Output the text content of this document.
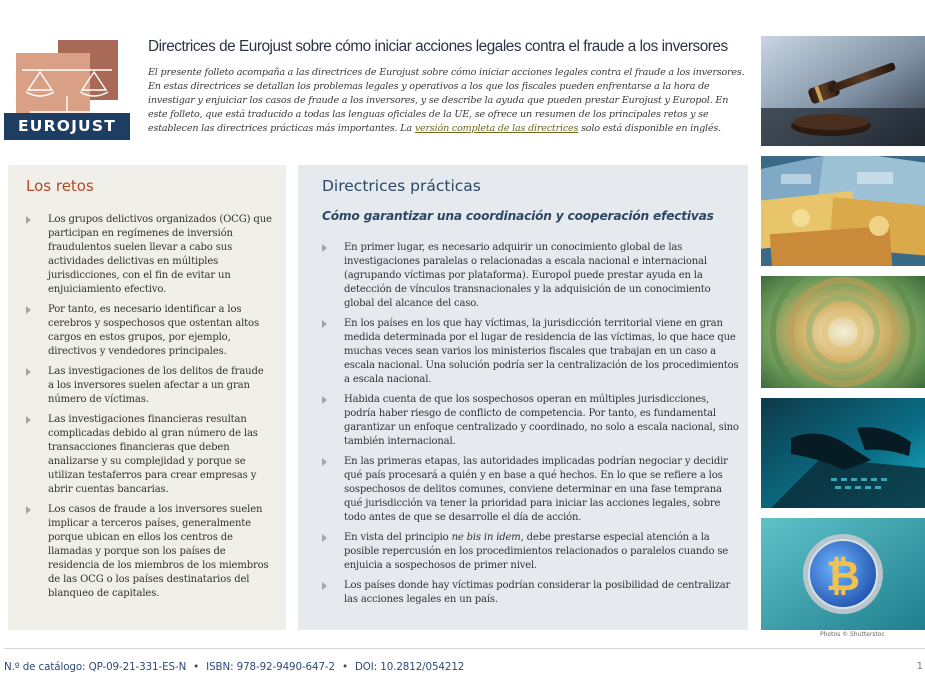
EUROJUST
Directrices de Eurojust sobre cómo iniciar acciones legales contra el fraude a los inversores
El presente folleto acompaña a las directrices de Eurojust sobre cómo iniciar acciones legales contra el fraude a los inversores. En estas directrices se detallan los problemas legales y operativos a los que los fiscales pueden enfrentarse a la hora de investigar y enjuiciar los casos de fraude a los inversores, y se describe la ayuda que pueden prestar Eurojust y Europol. En este folleto, que está traducido a todas las lenguas oficiales de la UE, se ofrece un resumen de los principales retos y se establecen las directrices prácticas más importantes. La versión completa de las directrices solo está disponible en inglés.
Los retos
Los grupos delictivos organizados (OCG) que participan en regímenes de inversión fraudulentos suelen llevar a cabo sus actividades delictivas en múltiples jurisdicciones, con el fin de evitar un enjuiciamiento efectivo.
Por tanto, es necesario identificar a los cerebros y sospechosos que ostentan altos cargos en estos grupos, por ejemplo, directivos y vendedores principales.
Las investigaciones de los delitos de fraude a los inversores suelen afectar a un gran número de víctimas.
Las investigaciones financieras resultan complicadas debido al gran número de las transacciones financieras que deben analizarse y su complejidad y porque se utilizan testaferros para crear empresas y abrir cuentas bancarias.
Los casos de fraude a los inversores suelen implicar a terceros países, generalmente porque ubican en ellos los centros de llamadas y porque son los países de residencia de los miembros de los miembros de las OCG o los países destinatarios del blanqueo de capitales.
Directrices prácticas
Cómo garantizar una coordinación y cooperación efectivas
En primer lugar, es necesario adquirir un conocimiento global de las investigaciones paralelas o relacionadas a escala nacional e internacional (agrupando víctimas por plataforma). Europol puede prestar ayuda en la detección de vínculos transnacionales y la adquisición de un conocimiento global del alcance del caso.
En los países en los que hay víctimas, la jurisdicción territorial viene en gran medida determinada por el lugar de residencia de las víctimas, lo que hace que muchas veces sean varios los ministerios fiscales que trabajan en un caso a escala nacional. Una solución podría ser la centralización de los procedimientos a escala nacional.
Habida cuenta de que los sospechosos operan en múltiples jurisdicciones, podría haber riesgo de conflicto de competencia. Por tanto, es fundamental garantizar un enfoque centralizado y coordinado, no solo a escala nacional, sino también internacional.
En las primeras etapas, las autoridades implicadas podrían negociar y decidir qué país procesará a quién y en base a qué hechos. En lo que se refiere a los sospechosos de delitos comunes, conviene determinar en una fase temprana qué jurisdicción va tener la prioridad para iniciar las acciones legales, sobre todo antes de que se desarrolle el día de acción.
En vista del principio ne bis in idem, debe prestarse especial atención a la posible repercusión en los procedimientos relacionados o paralelos cuando se enjuicia a sospechosos de primer nivel.
Los países donde hay víctimas podrían considerar la posibilidad de centralizar las acciones legales en un país.	₿
Photos © Shutterstoc
N.º de catálogo: QP-09-21-331-ES-N • ISBN: 978-92-9490-647-2 • DOI: 10.2812/054212	1
